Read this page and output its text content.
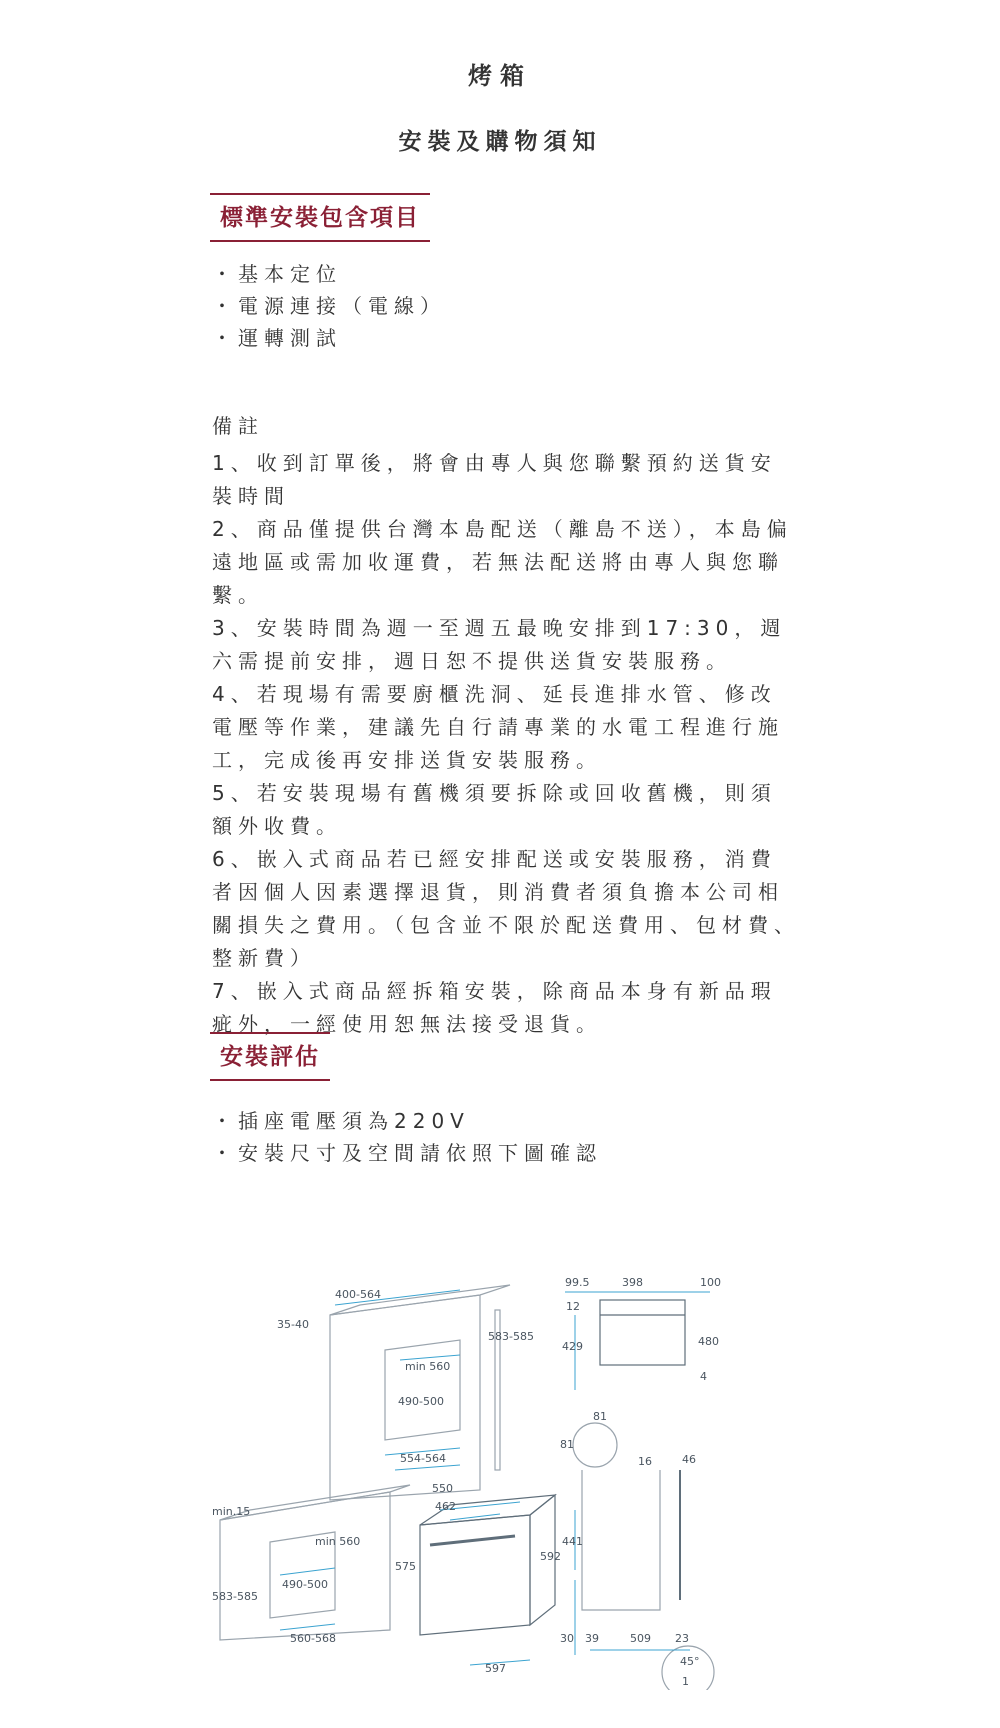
烤箱
安裝及購物須知
標準安裝包含項目
・基本定位
・電源連接（電線）
・運轉測試

備註

1、收到訂單後，將會由專人與您聯繫預約送貨安裝時間

2、商品僅提供台灣本島配送（離島不送），本島偏遠地區或需加收運費，若無法配送將由專人與您聯繫。

3、安裝時間為週一至週五最晚安排到17:30，週六需提前安排，週日恕不提供送貨安裝服務。

4、若現場有需要廚櫃洗洞、延長進排水管、修改電壓等作業，建議先自行請專業的水電工程進行施工，完成後再安排送貨安裝服務。

5、若安裝現場有舊機須要拆除或回收舊機，則須額外收費。

6、嵌入式商品若已經安排配送或安裝服務，消費者因個人因素選擇退貨，則消費者須負擔本公司相關損失之費用。（包含並不限於配送費用、包材費、整新費）

7、嵌入式商品經拆箱安裝，除商品本身有新品瑕疵外，一經使用恕無法接受退貨。

安裝評估
・插座電壓須為220V
・安裝尺寸及空間請依照下圖確認
400-564
35-40
min 560
583-585
490-500
554-564
550
462
min.15
min 560
583-585
490-500
560-568
575
592
597
99.5	398	100
12
429	480
4
81
81
16	46
441
30 39	509 23
45°
1
